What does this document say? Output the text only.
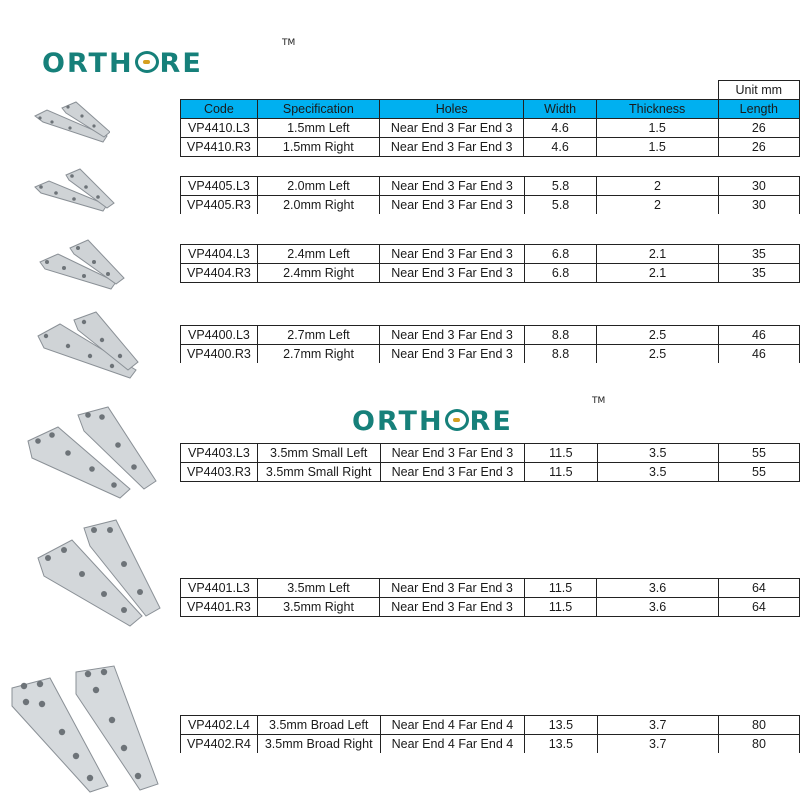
ORTH RE
TM
ORTH RE
TM
					Unit mm
Code	Specification	Holes	Width	Thickness	Length
VP4410.L3	1.5mm Left	Near End 3 Far End 3	4.6	1.5	26
VP4410.R3	1.5mm Right	Near End 3 Far End 3	4.6	1.5	26
VP4405.L3	2.0mm Left	Near End 3 Far End 3	5.8	2	30
VP4405.R3	2.0mm Right	Near End 3 Far End 3	5.8	2	30
VP4404.L3	2.4mm Left	Near End 3 Far End 3	6.8	2.1	35
VP4404.R3	2.4mm Right	Near End 3 Far End 3	6.8	2.1	35
VP4400.L3	2.7mm Left	Near End 3 Far End 3	8.8	2.5	46
VP4400.R3	2.7mm Right	Near End 3 Far End 3	8.8	2.5	46
VP4403.L3	3.5mm Small Left	Near End 3 Far End 3	11.5	3.5	55
VP4403.R3	3.5mm Small Right	Near End 3 Far End 3	11.5	3.5	55
VP4401.L3	3.5mm Left	Near End 3 Far End 3	11.5	3.6	64
VP4401.R3	3.5mm Right	Near End 3 Far End 3	11.5	3.6	64
VP4402.L4	3.5mm Broad Left	Near End 4 Far End 4	13.5	3.7	80
VP4402.R4	3.5mm Broad Right	Near End 4 Far End 4	13.5	3.7	80
